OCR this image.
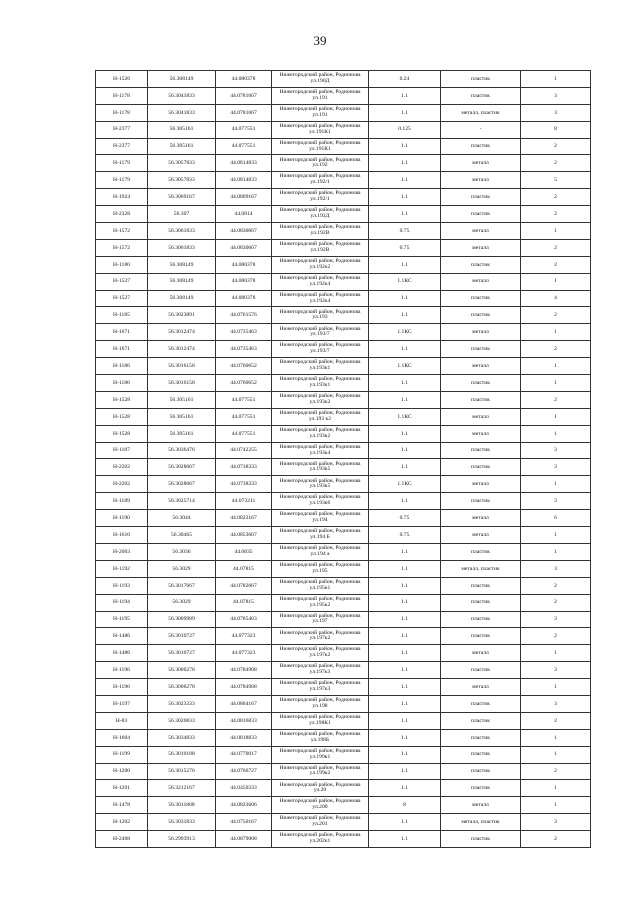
39
Н-1526	56.308149	44.080378	Нижегородский район, Родионова ул.190Д	0.24	пластик	1
Н-1178	56.3041833	44.0781667	Нижегородский район, Родионова ул.191	1.1	пластик	3
Н-1178	56.3041833	44.0781667	Нижегородский район, Родионова ул.191	1.1	металл, пластик	3
Н-2377	56.305161	44.077551	Нижегородский район, Родионова ул.191К1	0.125	-	8
Н-2377	56.305161	44.077551	Нижегородский район, Родионова ул.191К1	1.1	пластик	2
Н-1179	56.3057833	44.0814833	Нижегородский район, Родионова ул.192	1.1	металл	2
Н-1179	56.3057833	44.0814833	Нижегородский район, Родионова ул.192/1	1.1	металл	5
Н-1924	56.3069167	44.0809167	Нижегородский район, Родионова ул.192/1	1.1	пластик	2
Н-2328	56.307	44.0814	Нижегородский район, Родионова ул.192Д	1.1	пластик	2
Н-1572	56.3061833	44.0830667	Нижегородский район, Родионова ул.192В	0.75	металл	1
Н-1572	56.3061833	44.0830667	Нижегородский район, Родионова ул.192В	0.75	металл	2
Н-1180	56.308149	44.080378	Нижегородский район, Родионова ул.192к2	1.1	пластик	2
Н-1527	56.308149	44.080378	Нижегородский район, Родионова ул.192к4	1.1КС	металл	1
Н-1527	56.308149	44.080378	Нижегородский район, Родионова ул.192к4	1.1	пластик	4
Н-1185	56.3023891	44.0761576	Нижегородский район, Родионова ул.193	1.1	пластик	2
Н-1671	56.3012474	44.0735463	Нижегородский район, Родионова ул.193/7	1.1КС	металл	1
Н-1671	56.3012474	44.0735463	Нижегородский район, Родионова ул.193/7	1.1	пластик	2
Н-1186	56.3016158	44.0760652	Нижегородский район, Родионова ул.193к1	1.1КС	металл	1
Н-1186	56.3016158	44.0760652	Нижегородский район, Родионова ул.193к1	1.1	пластик	1
Н-1528	56.305161	44.077551	Нижегородский район, Родионова ул.193к2	1.1	пластик	2
Н-1528	56.305161	44.077551	Нижегородский район, Родионова ул.193 к2	1.1КС	металл	1
Н-1528	56.305161	44.077551	Нижегородский район, Родионова ул.193к2	1.1	металл	1
Н-1187	56.3036476	44.0742255	Нижегородский район, Родионова ул.193к4	1.1	пластик	3
Н-2202	56.3028667	44.0738333	Нижегородский район, Родионова ул.193к5	1.1	пластик	3
Н-2202	56.3028667	44.0738333	Нижегородский район, Родионова ул.193к5	1.1КС	металл	1
Н-1189	56.3025714	44.073211	Нижегородский район, Родионова ул.193к6	1.1	пластик	3
Н-1190	56.3044	44.0823167	Нижегородский район, Родионова ул.194	0.75	металл	6
Н-1610	56.30465	44.0853667	Нижегородский район, Родионова ул.194 Б	0.75	металл	1
Н-2003	56.3036	44.0835	Нижегородский район, Родионова ул.194 а	1.1	пластик	1
Н-1192	56.3029	44.07815	Нижегородский район, Родионова ул.195	1.1	металл, пластик	3
Н-1193	56.3017667	44.0782667	Нижегородский район, Родионова ул.195к1	1.1	пластик	2
Н-1194	56.3029	44.07815	Нижегородский район, Родионова ул.195к2	1.1	пластик	2
Н-1195	56.3009989	44.0785403	Нижегородский район, Родионова ул.197	1.1	пластик	3
Н-1486	56.3010727	44.077323	Нижегородский район, Родионова ул.197к2	1.1	пластик	2
Н-1486	56.3010727	44.077323	Нижегородский район, Родионова ул.197к2	1.1	металл	1
Н-1196	56.3006278	44.0784908	Нижегородский район, Родионова ул.197к3	1.1	пластик	3
Н-1196	56.3006278	44.0784908	Нижегородский район, Родионова ул.197к3	1.1	металл	1
Н-1197	56.3023333	44.0864167	Нижегородский район, Родионова ул.198	1.1	пластик	3
Н-83	56.3020833	44.0816833	Нижегородский район, Родионова ул.198К1	1.1	пластик	2
Н-1604	56.3034833	44.0818833	Нижегородский район, Родионова ул.198Б	1.1	пластик	1
Н-1199	56.3010188	44.0770017	Нижегородский район, Родионова ул.199к1	1.1	пластик	1
Н-1200	56.3015276	44.0766727	Нижегородский район, Родионова ул.199к2	1.1	пластик	2
Н-1201	56.3212167	44.0450333	Нижегородский район, Родионова ул.20	1.1	пластик	1
Н-1478	56.3011868	44.0823606	Нижегородский район, Родионова ул.200	8	металл	1
Н-1202	56.3031833	44.0750167	Нижегородский район, Родионова ул.201	1.1	металл, пластик	3
Н-2408	56.2993913	44.0879008	Нижегородский район, Родионова ул.202к1	1.1	пластик	2
